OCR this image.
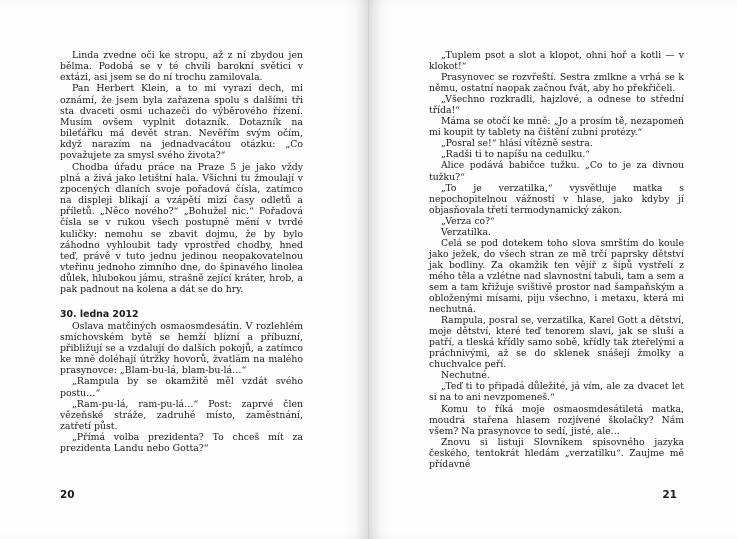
Linda zvedne oči ke stropu, až z ní zbydou jen bělma. Podobá se v té chvíli barokní světici v extázi, asi jsem se do ní trochu zamilovala.

Pan Herbert Klein, a to mi vyrazí dech, mi oznámí, že jsem byla zařazena spolu s dalšími tři sta dvaceti osmi uchazeči do výběrového řízení. Musím ovšem vyplnit dotazník. Dotazník na bileťářku má devět stran. Nevěřím svým očím, když narazím na jednadvacátou otázku: „Co považujete za smysl svého života?“

Chodba úřadu práce na Praze 5 je jako vždy plná a živá jako letištní hala. Všichni tu žmoulají v zpocených dlaních svoje pořadová čísla, zatímco na displeji blikají a vzápětí mizí časy odletů a příletů. „Něco nového?“ „Bohužel nic.“ Pořadová čísla se v rukou všech postupně mění v tvrdé kuličky: nemohu se zbavit dojmu, že by bylo záhodno vyhloubit tady vprostřed chodby, hned teď, právě v tuto jednu jedinou neopakovatelnou vteřinu jednoho zimního dne, do špinavého linolea důlek, hlubokou jámu, strašně zející kráter, hrob, a pak padnout na kolena a dát se do hry.

30. ledna 2012

Oslava matčiných osmaosmdesátin. V rozlehlém smíchovském bytě se hemží blízní a příbuzní, přibližují se a vzdalují do dalších pokojů, a zatímco ke mně doléhají útržky hovorů, žvatlám na malého prasynovce: „Blam-bu-lá, blam-bu-lá…“

„Rampula by se okamžitě měl vzdát svého postu…“

„Ram-pu-lá, ram-pu-lá…“ Post: zaprvé člen vězeňské stráže, zadruhé místo, zaměstnání, zatřetí půst.

„Přímá volba prezidenta? To chceš mít za prezidenta Landu nebo Gotta?“

20

„Tuplem psot a slot a klopot, ohni hoř a kotli — v klokot!“

Prasynovec se rozvřeští. Sestra zmlkne a vrhá se k němu, ostatní naopak začnou fvát, aby ho překřičeli.

„Všechno rozkradli, hajzlové, a odnese to střední třída!“

Máma se otočí ke mně: „Jo a prosím tě, nezapomeň mi koupit ty tablety na čištění zubní protézy.“

„Posral se!“ hlásí vítězně sestra.

„Radši ti to napíšu na cedulku.“

Alice podává babičce tužku. „Co to je za divnou tužku?“

„To je verzatilka,“ vysvětluje matka s nepochopitelnou vážností v hlase, jako kdyby jí objasňovala třetí termodynamický zákon.

„Verza co?“

Verzatilka.

Celá se pod dotekem toho slova smrštím do koule jako ježek, do všech stran ze mě trčí paprsky dětství jak bodliny. Za okamžik ten vějíř z šípů vystřelí z mého těla a vzlétne nad slavnostní tabuli, tam a sem a sem a tam křižuje svištivě prostor nad šampaňským a obloženými mísami, piju všechno, i metaxu, která mi nechutná.

Rampula, posral se, verzatilka, Karel Gott a dětství, moje dětství, které teď tenorem slaví, jak se sluší a patří, a tleská křídly samo sobě, křídly tak zteřelými a práchnivými, až se do sklenek snášejí žmolky a chuchvalce peří.

Nechutné.

„Teď ti to připadá důležité, já vím, ale za dvacet let si na to ani nevzpomeneš.“

Komu to říká moje osmaosmdesátiletá matka, moudrá stařena hlasem rozjívené školačky? Nám všem? Na prasynovce to sedí, jisté, ale…

Znovu si listuji Slovníkem spisovného jazyka českého, tentokrát hledám „verzatilku“. Zaujme mě přídavné

21
